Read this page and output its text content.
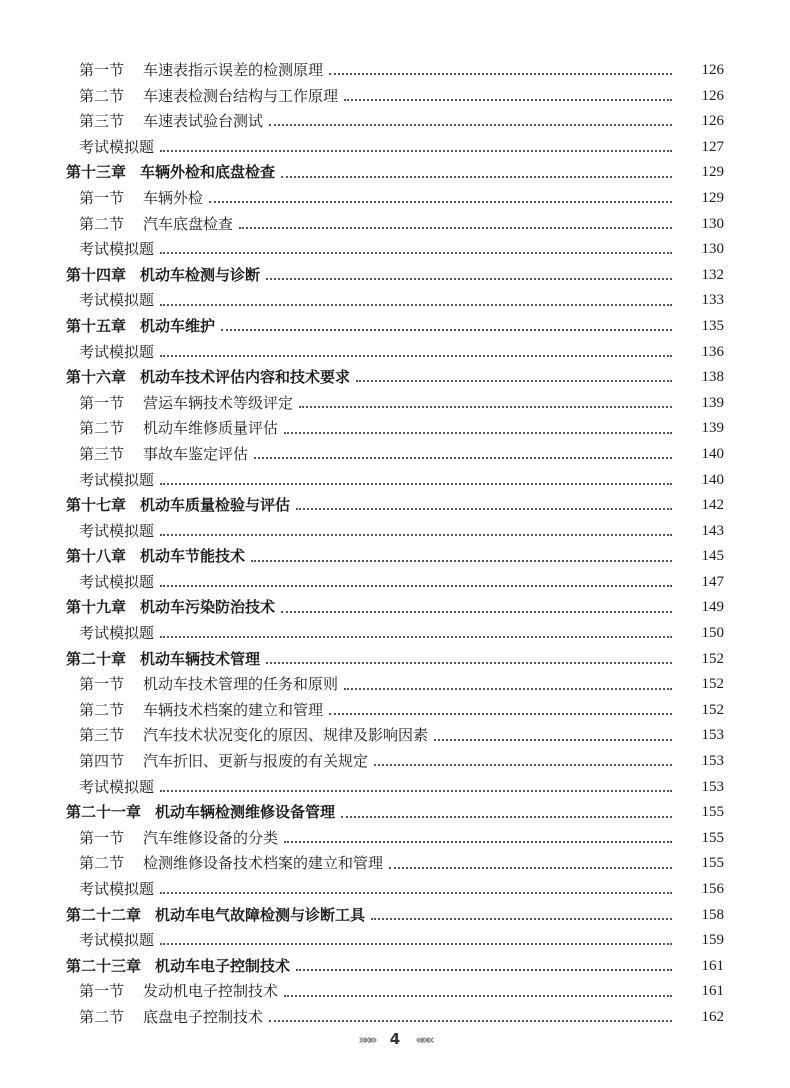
第一节 车速表指示误差的检测原理	126
第二节 车速表检测台结构与工作原理	126
第三节 车速表试验台测试	126
考试模拟题	127
第十三章 车辆外检和底盘检查	129
第一节 车辆外检	129
第二节 汽车底盘检查	130
考试模拟题	130
第十四章 机动车检测与诊断	132
考试模拟题	133
第十五章 机动车维护	135
考试模拟题	136
第十六章 机动车技术评估内容和技术要求	138
第一节 营运车辆技术等级评定	139
第二节 机动车维修质量评估	139
第三节 事故车鉴定评估	140
考试模拟题	140
第十七章 机动车质量检验与评估	142
考试模拟题	143
第十八章 机动车节能技术	145
考试模拟题	147
第十九章 机动车污染防治技术	149
考试模拟题	150
第二十章 机动车辆技术管理	152
第一节 机动车技术管理的任务和原则	152
第二节 车辆技术档案的建立和管理	152
第三节 汽车技术状况变化的原因、规律及影响因素	153
第四节 汽车折旧、更新与报废的有关规定	153
考试模拟题	153
第二十一章 机动车辆检测维修设备管理	155
第一节 汽车维修设备的分类	155
第二节 检测维修设备技术档案的建立和管理	155
考试模拟题	156
第二十二章 机动车电气故障检测与诊断工具	158
考试模拟题	159
第二十三章 机动车电子控制技术	161
第一节 发动机电子控制技术	161
第二节 底盘电子控制技术	162
»»» 4 «««
